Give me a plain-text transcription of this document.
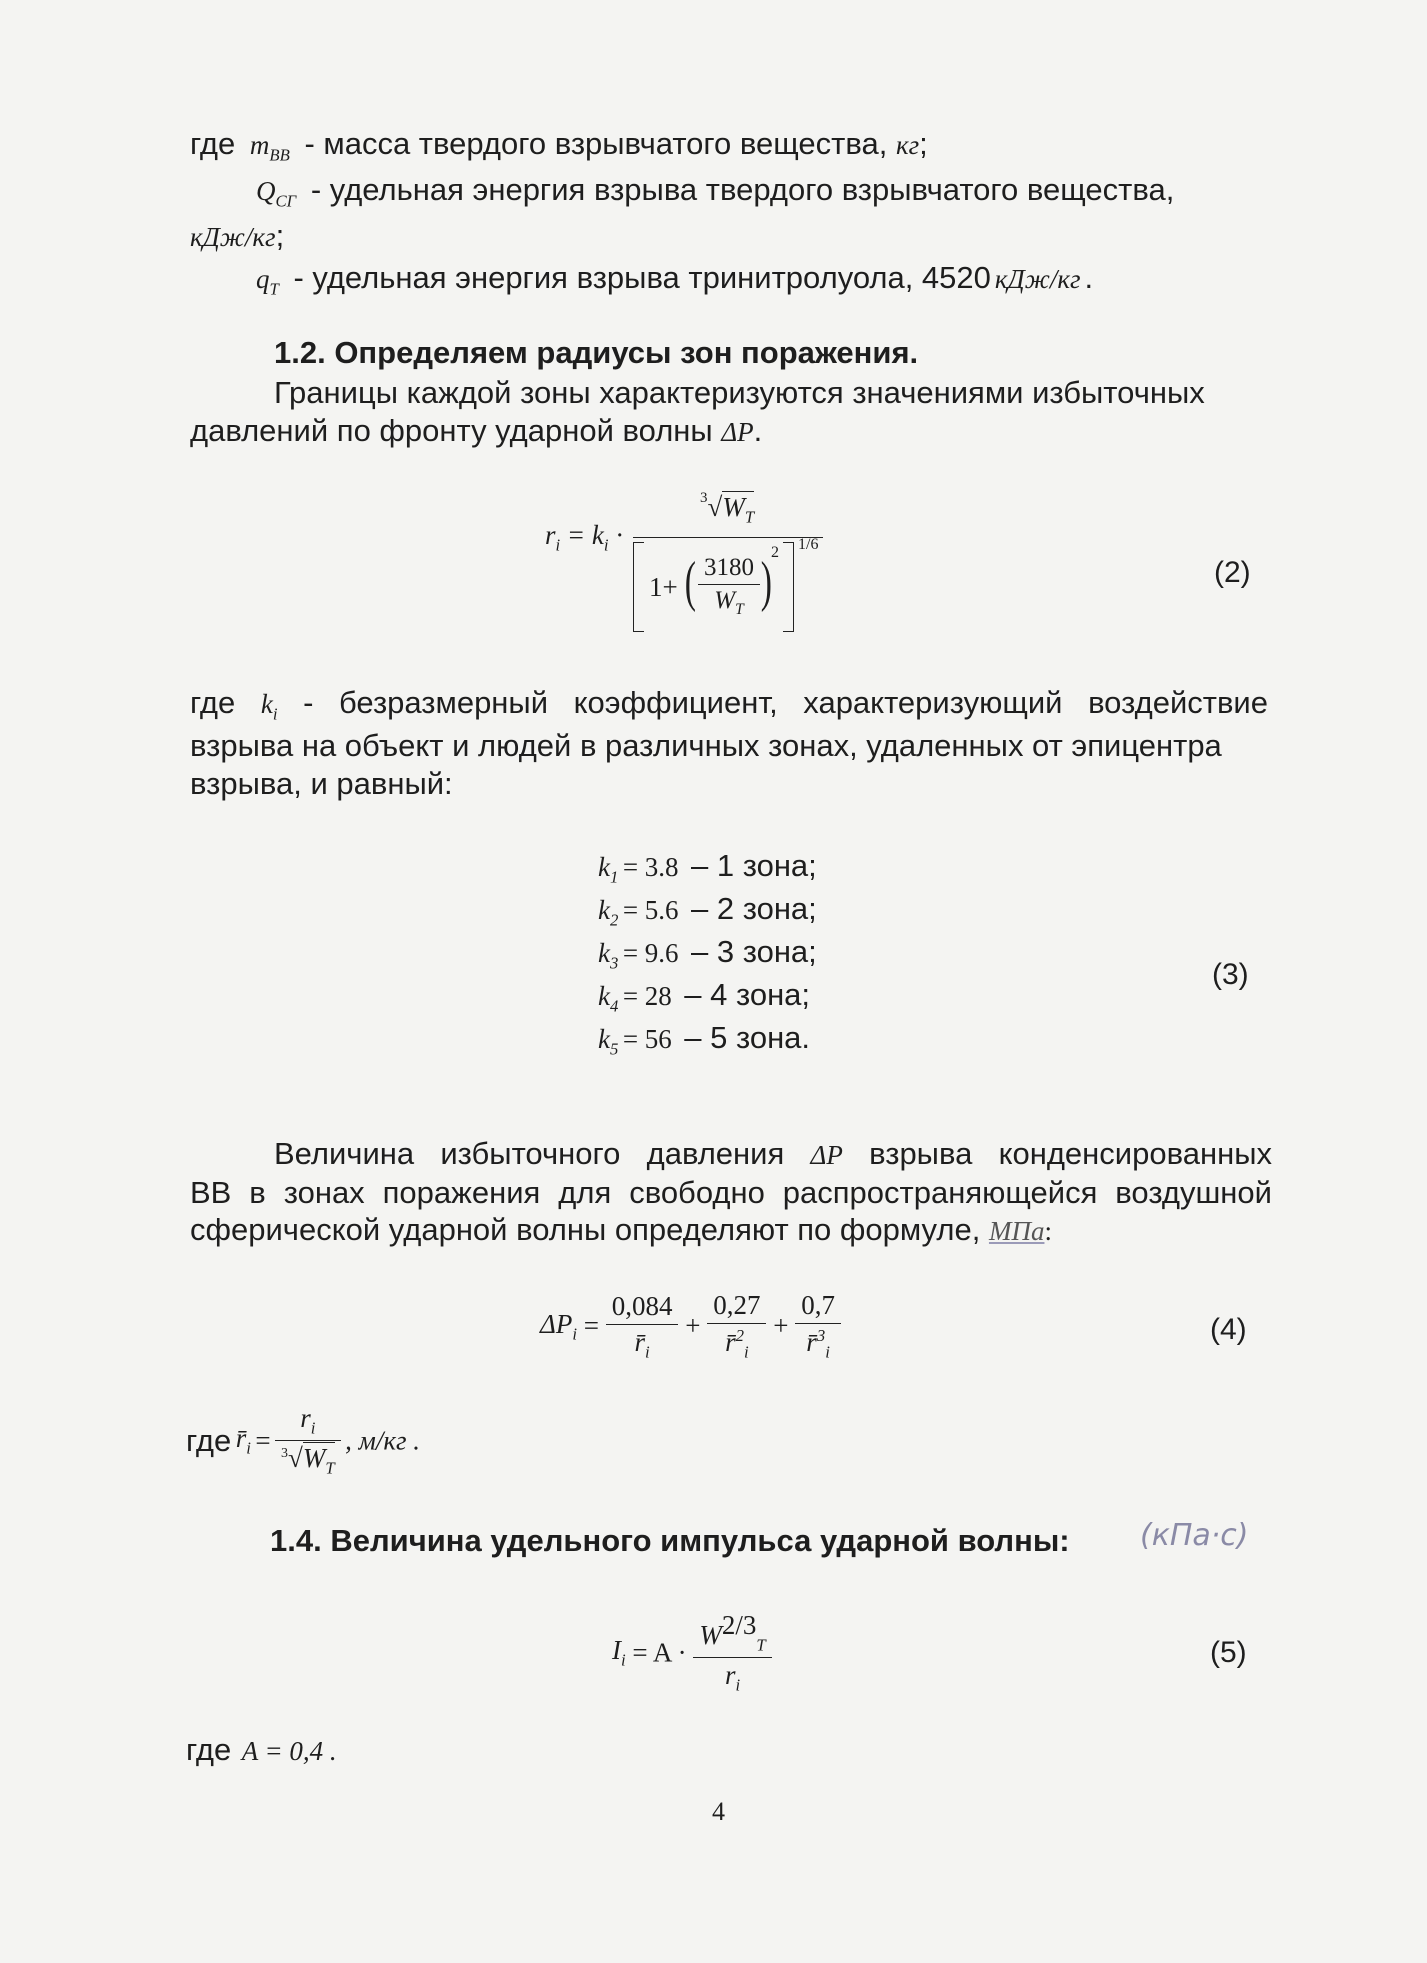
где $m_{ВВ}$ - масса твердого взрывчатого вещества, кг;
$Q_{СГ}$ - удельная энергия взрыва твердого взрывчатого вещества,
кДж/кг;
$q_Т$ - удельная энергия взрыва тринитролуола, 4520 кДж/кг .
1.2. Определяем радиусы зон поражения.
Границы каждой зоны характеризуются значениями избыточных
давлений по фронту ударной волны ΔP.
$r_i = k_i$ ·
$^3√W_T$
1+ ( )
$\frac{3180}{W_T}$
2 1/6
(2)
где $k_i$ - безразмерный коэффициент, характеризующий воздействие
взрыва на объект и людей в различных зонах, удаленных от эпицентра
взрыва, и равный:
$k_1 = 3.8 - 1$ зона;
$k_2 = 5.6 - 2$ зона;
$k_3 = 9.6 - 3$ зона;
$k_4 = 28 - 4$ зона;
$k_5 = 56 - 5$ зона.
(3)
Величина избыточного давления ΔP взрыва конденсированных
ВВ в зонах поражения для свободно распространяющейся воздушной
сферической ударной волны определяют по формуле, МПа:
$\Delta P_i = \frac{0,084}{r̄_i} + \frac{0,27}{r̄^2_i} + \frac{0,7}{r̄^3_i}$	(4)
где $r̄_i = \frac{r_i}{^3√W_T}$ , м/кг .
1.4. Величина удельного импульса ударной волны: (кПа·с)
$I_i = A \cdot \frac{W^{2/3}_T}{r_i}$	(5)
где A = 0,4 .
4
